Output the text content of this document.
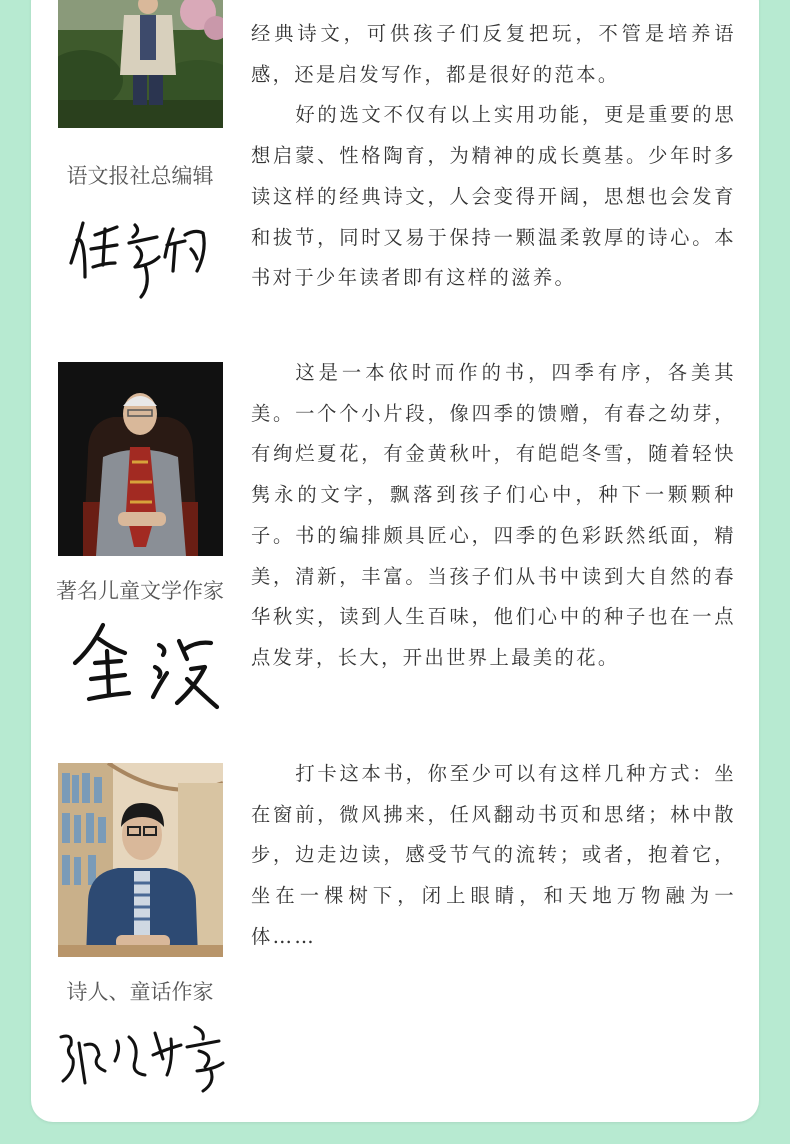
语文报社总编辑

经典诗文，可供孩子们反复把玩，不管是培养语感，还是启发写作，都是很好的范本。

好的选文不仅有以上实用功能，更是重要的思想启蒙、性格陶育，为精神的成长奠基。少年时多读这样的经典诗文，人会变得开阔，思想也会发育和拔节，同时又易于保持一颗温柔敦厚的诗心。本书对于少年读者即有这样的滋养。

著名儿童文学作家

这是一本依时而作的书，四季有序，各美其美。一个个小片段，像四季的馈赠，有春之幼芽，有绚烂夏花，有金黄秋叶，有皑皑冬雪，随着轻快隽永的文字，飘落到孩子们心中，种下一颗颗种子。书的编排颇具匠心，四季的色彩跃然纸面，精美，清新，丰富。当孩子们从书中读到大自然的春华秋实，读到人生百味，他们心中的种子也在一点点发芽，长大，开出世界上最美的花。

诗人、童话作家

打卡这本书，你至少可以有这样几种方式：坐在窗前，微风拂来，任风翻动书页和思绪；林中散步，边走边读，感受节气的流转；或者，抱着它，坐在一棵树下，闭上眼睛，和天地万物融为一体……
